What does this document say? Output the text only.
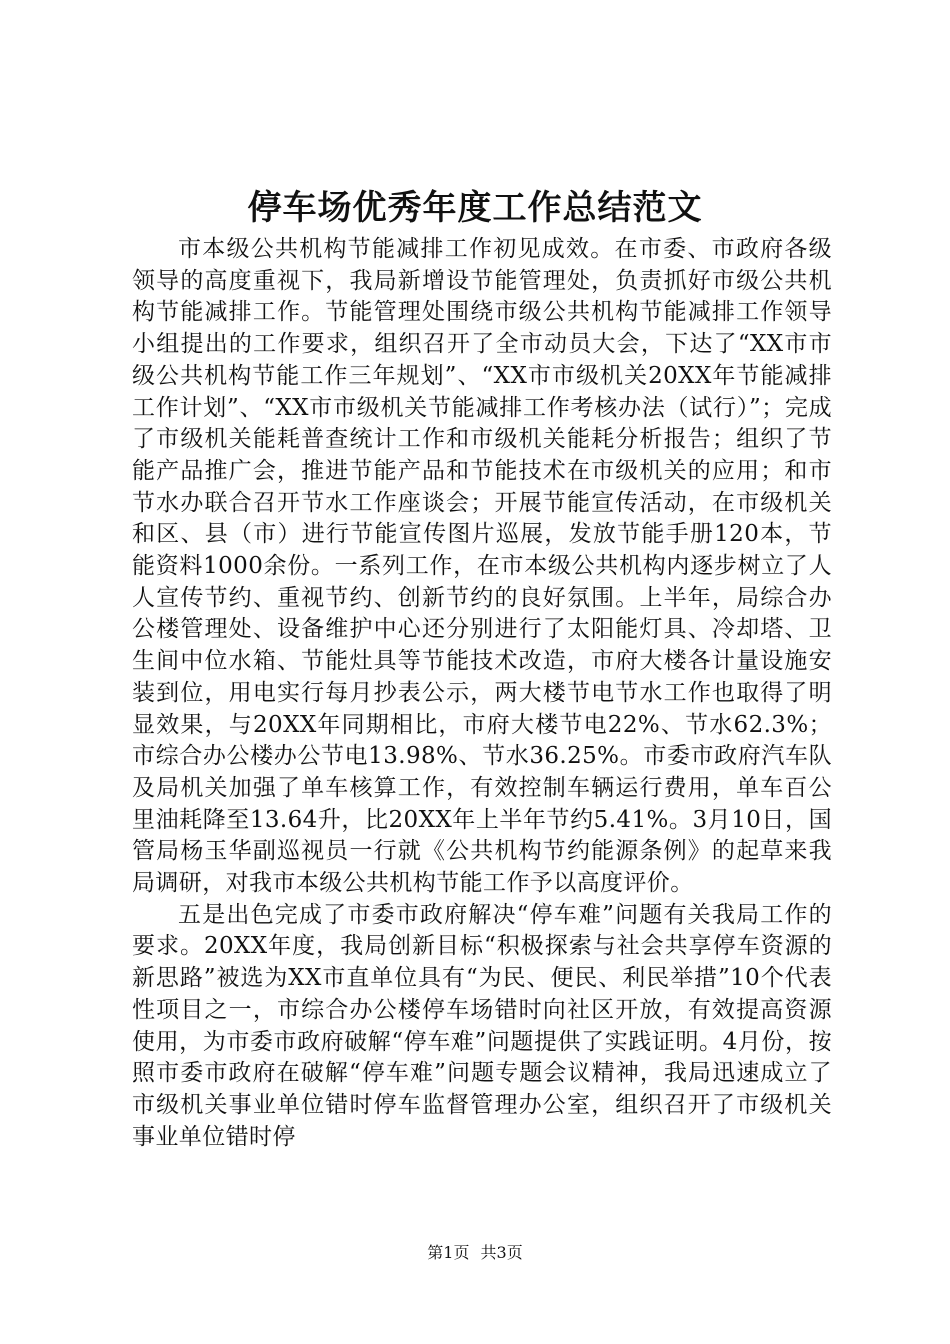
停车场优秀年度工作总结范文

市本级公共机构节能减排工作初见成效。在市委、市政府各级领导的高度重视下，我局新增设节能管理处，负责抓好市级公共机构节能减排工作。节能管理处围绕市级公共机构节能减排工作领导小组提出的工作要求，组织召开了全市动员大会，下达了“XX市市级公共机构节能工作三年规划”、“XX市市级机关20XX年节能减排工作计划”、“XX市市级机关节能减排工作考核办法（试行）”；完成了市级机关能耗普查统计工作和市级机关能耗分析报告；组织了节能产品推广会，推进节能产品和节能技术在市级机关的应用；和市节水办联合召开节水工作座谈会；开展节能宣传活动，在市级机关和区、县（市）进行节能宣传图片巡展，发放节能手册120本，节能资料1000余份。一系列工作，在市本级公共机构内逐步树立了人人宣传节约、重视节约、创新节约的良好氛围。上半年，局综合办公楼管理处、设备维护中心还分别进行了太阳能灯具、冷却塔、卫生间中位水箱、节能灶具等节能技术改造，市府大楼各计量设施安装到位，用电实行每月抄表公示，两大楼节电节水工作也取得了明显效果，与20XX年同期相比，市府大楼节电22%、节水62.3%；市综合办公楼办公节电13.98%、节水36.25%。市委市政府汽车队及局机关加强了单车核算工作，有效控制车辆运行费用，单车百公里油耗降至13.64升，比20XX年上半年节约5.41%。3月10日，国管局杨玉华副巡视员一行就《公共机构节约能源条例》的起草来我局调研，对我市本级公共机构节能工作予以高度评价。

五是出色完成了市委市政府解决“停车难”问题有关我局工作的要求。20XX年度，我局创新目标“积极探索与社会共享停车资源的新思路”被选为XX市直单位具有“为民、便民、利民举措”10个代表性项目之一，市综合办公楼停车场错时向社区开放，有效提高资源使用，为市委市政府破解“停车难”问题提供了实践证明。4月份，按照市委市政府在破解“停车难”问题专题会议精神，我局迅速成立了市级机关事业单位错时停车监督管理办公室，组织召开了市级机关事业单位错时停

第1页 共3页
